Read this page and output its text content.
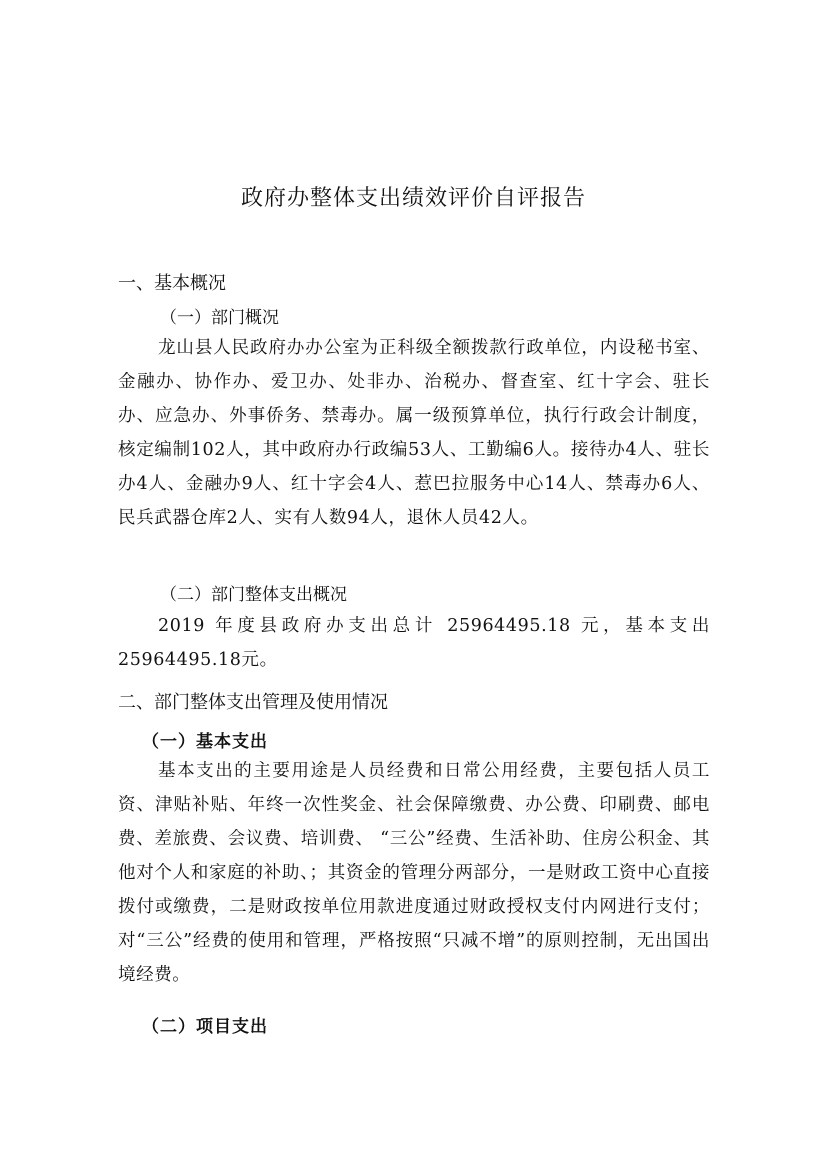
政府办整体支出绩效评价自评报告
一、基本概况
（一）部门概况
龙山县人民政府办办公室为正科级全额拨款行政单位，内设秘书室、金融办、协作办、爱卫办、处非办、治税办、督查室、红十字会、驻长办、应急办、外事侨务、禁毒办。属一级预算单位，执行行政会计制度，核定编制102人，其中政府办行政编53人、工勤编6人。接待办4人、驻长办4人、金融办9人、红十字会4人、惹巴拉服务中心14人、禁毒办6人、民兵武器仓库2人、实有人数94人，退休人员42人。
（二）部门整体支出概况
2019 年度县政府办支出总计 25964495.18 元，基本支出25964495.18元。
二、部门整体支出管理及使用情况
（一）基本支出
基本支出的主要用途是人员经费和日常公用经费，主要包括人员工资、津贴补贴、年终一次性奖金、社会保障缴费、办公费、印刷费、邮电费、差旅费、会议费、培训费、 “三公”经费、生活补助、住房公积金、其他对个人和家庭的补助、；其资金的管理分两部分，一是财政工资中心直接拨付或缴费，二是财政按单位用款进度通过财政授权支付内网进行支付；对“三公”经费的使用和管理，严格按照“只减不增”的原则控制，无出国出境经费。
（二）项目支出
